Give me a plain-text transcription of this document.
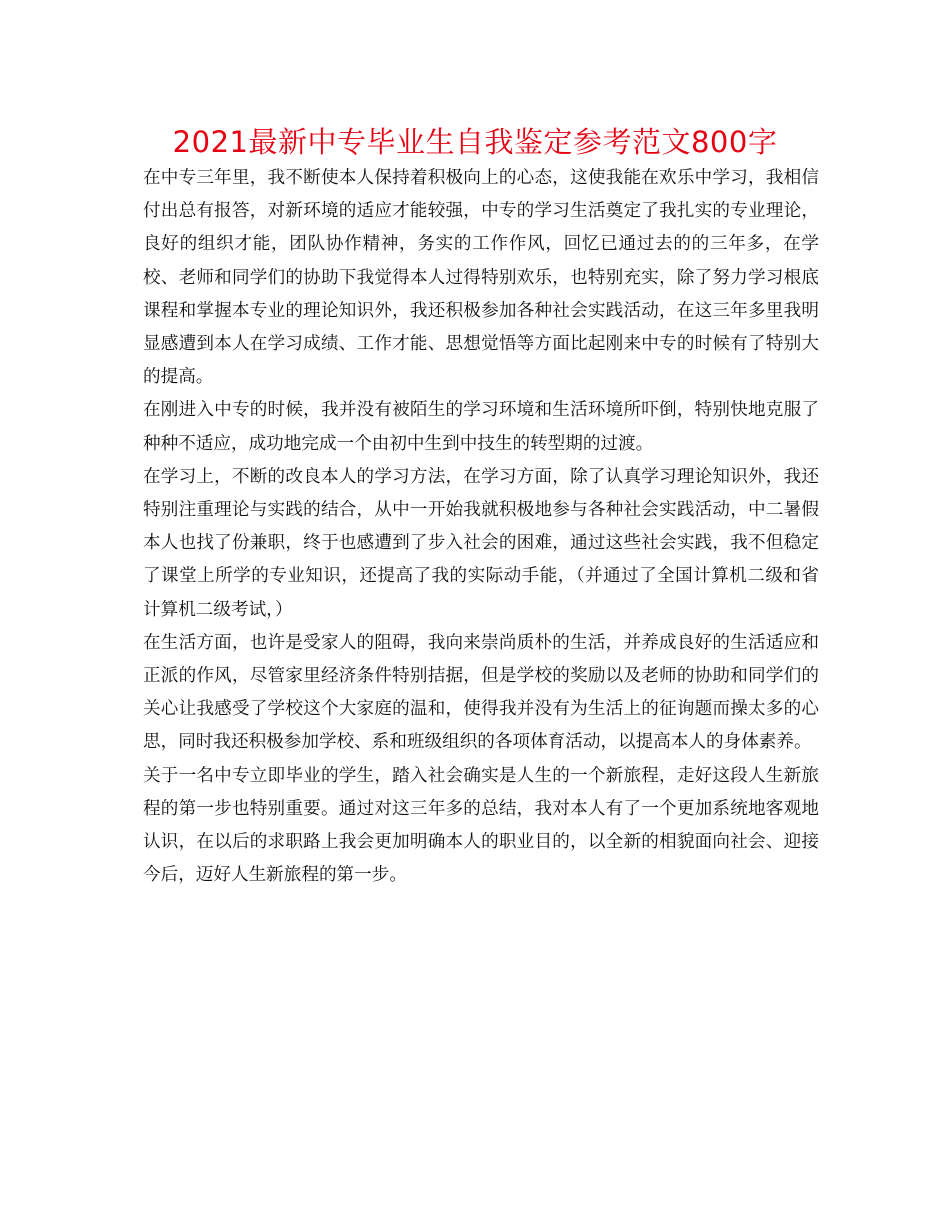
2021最新中专毕业生自我鉴定参考范文800字

在中专三年里，我不断使本人保持着积极向上的心态，这使我能在欢乐中学习，我相信付出总有报答，对新环境的适应才能较强，中专的学习生活奠定了我扎实的专业理论，良好的组织才能，团队协作精神，务实的工作作风，回忆已通过去的的三年多，在学校、老师和同学们的协助下我觉得本人过得特别欢乐，也特别充实，除了努力学习根底课程和掌握本专业的理论知识外，我还积极参加各种社会实践活动，在这三年多里我明显感遭到本人在学习成绩、工作才能、思想觉悟等方面比起刚来中专的时候有了特别大的提高。

在刚进入中专的时候，我并没有被陌生的学习环境和生活环境所吓倒，特别快地克服了种种不适应，成功地完成一个由初中生到中技生的转型期的过渡。

在学习上，不断的改良本人的学习方法，在学习方面，除了认真学习理论知识外，我还特别注重理论与实践的结合，从中一开始我就积极地参与各种社会实践活动，中二暑假本人也找了份兼职，终于也感遭到了步入社会的困难，通过这些社会实践，我不但稳定了课堂上所学的专业知识，还提高了我的实际动手能，（并通过了全国计算机二级和省计算机二级考试，）

在生活方面，也许是受家人的阻碍，我向来崇尚质朴的生活，并养成良好的生活适应和正派的作风，尽管家里经济条件特别拮据，但是学校的奖励以及老师的协助和同学们的关心让我感受了学校这个大家庭的温和，使得我并没有为生活上的征询题而操太多的心思，同时我还积极参加学校、系和班级组织的各项体育活动，以提高本人的身体素养。

关于一名中专立即毕业的学生，踏入社会确实是人生的一个新旅程，走好这段人生新旅程的第一步也特别重要。通过对这三年多的总结，我对本人有了一个更加系统地客观地认识，在以后的求职路上我会更加明确本人的职业目的，以全新的相貌面向社会、迎接今后，迈好人生新旅程的第一步。
